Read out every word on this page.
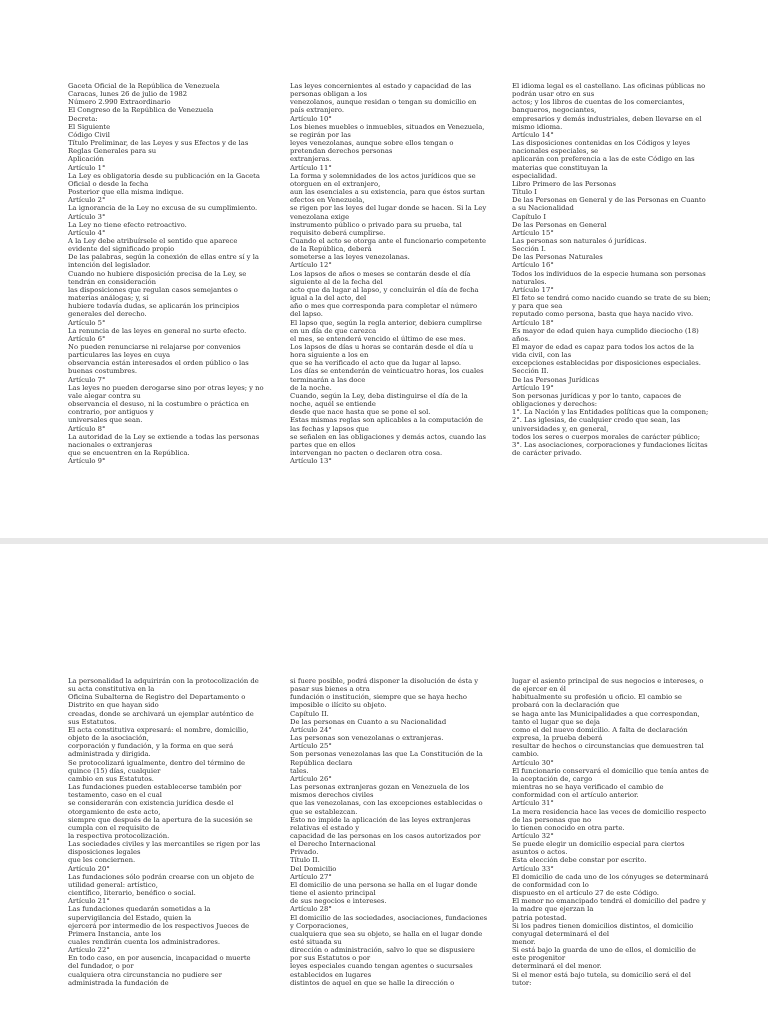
Gaceta Oficial de la República de Venezuela
Caracas, lunes 26 de julio de 1982
Número 2.990 Extraordinario
El Congreso de la República de Venezuela
Decreta:
El Siguiente
Código Civil
Título Preliminar, de las Leyes y sus Efectos y de las
Reglas Generales para su
Aplicación
Artículo 1°
La Ley es obligatoria desde su publicación en la Gaceta
Oficial o desde la fecha
Posterior que ella misma indique.
Artículo 2°
La ignorancia de la Ley no excusa de su cumplimiento.
Artículo 3°
La Ley no tiene efecto retroactivo.
Artículo 4°
A la Ley debe atribuírsele el sentido que aparece
evidente del significado propio
De las palabras, según la conexión de ellas entre sí y la
intención del legislador.
Cuando no hubiere disposición precisa de la Ley, se
tendrán en consideración
las disposiciones que regulan casos semejantes o
materias análogas; y, si
hubiere todavía dudas, se aplicarán los principios
generales del derecho.
Artículo 5°
La renuncia de las leyes en general no surte efecto.
Artículo 6°
No pueden renunciarse ni relajarse por convenios
particulares las leyes en cuya
observancia están interesados el orden público o las
buenas costumbres.
Artículo 7°
Las leyes no pueden derogarse sino por otras leyes; y no
vale alegar contra su
observancia el desuso, ni la costumbre o práctica en
contrario, por antiguos y
universales que sean.
Artículo 8°
La autoridad de la Ley se extiende a todas las personas
nacionales o extranjeras
que se encuentren en la República.
Artículo 9°
Las leyes concernientes al estado y capacidad de las
personas obligan a los
venezolanos, aunque residan o tengan su domicilio en
país extranjero.
Artículo 10°
Los bienes muebles o inmuebles, situados en Venezuela,
se regirán por las
leyes venezolanas, aunque sobre ellos tengan o
pretendan derechos personas
extranjeras.
Artículo 11°
La forma y solemnidades de los actos jurídicos que se
otorguen en el extranjero,
aun las esenciales a su existencia, para que éstos surtan
efectos en Venezuela,
se rigen por las leyes del lugar donde se hacen. Si la Ley
venezolana exige
instrumento público o privado para su prueba, tal
requisito deberá cumplirse.
Cuando el acto se otorga ante el funcionario competente
de la República, deberá
someterse a las leyes venezolanas.
Artículo 12°
Los lapsos de años o meses se contarán desde el día
siguiente al de la fecha del
acto que da lugar al lapso, y concluirán el día de fecha
igual a la del acto, del
año o mes que corresponda para completar el número
del lapso.
El lapso que, según la regla anterior, debiera cumplirse
en un día de que carezca
el mes, se entenderá vencido el último de ese mes.
Los lapsos de días u horas se contarán desde el día u
hora siguiente a los en
que se ha verificado el acto que da lugar al lapso.
Los días se entenderán de veinticuatro horas, los cuales
terminarán a las doce
de la noche.
Cuando, según la Ley, deba distinguirse el día de la
noche, aquél se entiende
desde que nace hasta que se pone el sol.
Estas mismas reglas son aplicables a la computación de
las fechas y lapsos que
se señalen en las obligaciones y demás actos, cuando las
partes que en ellos
intervengan no pacten o declaren otra cosa.
Artículo 13°
El idioma legal es el castellano. Las oficinas públicas no
podrán usar otro en sus
actos; y los libros de cuentas de los comerciantes,
banqueros, negociantes,
empresarios y demás industriales, deben llevarse en el
mismo idioma.
Artículo 14°
Las disposiciones contenidas en los Códigos y leyes
nacionales especiales, se
aplicarán con preferencia a las de este Código en las
materias que constituyan la
especialidad.
Libro Primero de las Personas
Título I
De las Personas en General y de las Personas en Cuanto
a su Nacionalidad
Capítulo I
De las Personas en General
Artículo 15°
Las personas son naturales ó jurídicas.
Sección I.
De las Personas Naturales
Artículo 16°
Todos los individuos de la especie humana son personas
naturales.
Artículo 17°
El feto se tendrá como nacido cuando se trate de su bien;
y para que sea
reputado como persona, basta que haya nacido vivo.
Artículo 18°
Es mayor de edad quien haya cumplido dieciocho (18)
años.
El mayor de edad es capaz para todos los actos de la
vida civil, con las
excepciones establecidas por disposiciones especiales.
Sección II.
De las Personas Jurídicas
Artículo 19°
Son personas jurídicas y por lo tanto, capaces de
obligaciones y derechos:
1°. La Nación y las Entidades políticas que la componen;
2°. Las iglesias, de cualquier credo que sean, las
universidades y, en general,
todos los seres o cuerpos morales de carácter público;
3°. Las asociaciones, corporaciones y fundaciones lícitas
de carácter privado.
La personalidad la adquirirán con la protocolización de
su acta constitutiva en la
Oficina Subalterna de Registro del Departamento o
Distrito en que hayan sido
creadas, donde se archivará un ejemplar auténtico de
sus Estatutos.
El acta constitutiva expresará: el nombre, domicilio,
objeto de la asociación,
corporación y fundación, y la forma en que será
administrada y dirigida.
Se protocolizará igualmente, dentro del término de
quince (15) días, cualquier
cambio en sus Estatutos.
Las fundaciones pueden establecerse también por
testamento, caso en el cual
se considerarán con existencia jurídica desde el
otorgamiento de este acto,
siempre que después de la apertura de la sucesión se
cumpla con el requisito de
la respectiva protocolización.
Las sociedades civiles y las mercantiles se rigen por las
disposiciones legales
que les conciernen.
Artículo 20°
Las fundaciones sólo podrán crearse con un objeto de
utilidad general: artístico,
científico, literario, benéfico o social.
Artículo 21°
Las fundaciones quedarán sometidas a la
supervigilancia del Estado, quien la
ejercerá por intermedio de los respectivos Jueces de
Primera Instancia, ante los
cuales rendirán cuenta los administradores.
Artículo 22°
En todo caso, en por ausencia, incapacidad o muerte
del fundador, o por
cualquiera otra circunstancia no pudiere ser
administrada la fundación de
si fuere posible, podrá disponer la disolución de ésta y
pasar sus bienes a otra
fundación o institución, siempre que se haya hecho
imposible o ilícito su objeto.
Capítulo II.
De las personas en Cuanto a su Nacionalidad
Artículo 24°
Las personas son venezolanas o extranjeras.
Artículo 25°
Son personas venezolanas las que La Constitución de la
República declara
tales.
Artículo 26°
Las personas extranjeras gozan en Venezuela de los
mismos derechos civiles
que las venezolanas, con las excepciones establecidas o
que se establezcan.
Esto no impide la aplicación de las leyes extranjeras
relativas el estado y
capacidad de las personas en los casos autorizados por
el Derecho Internacional
Privado.
Título II.
Del Domicilio
Artículo 27°
El domicilio de una persona se halla en el lugar donde
tiene el asiento principal
de sus negocios e intereses.
Artículo 28°
El domicilio de las sociedades, asociaciones, fundaciones
y Corporaciones,
cualquiera que sea su objeto, se halla en el lugar donde
esté situada su
dirección o administración, salvo lo que se dispusiere
por sus Estatutos o por
leyes especiales cuando tengan agentes o sucursales
establecidos en lugares
distintos de aquel en que se halle la dirección o
lugar el asiento principal de sus negocios e intereses, o
de ejercer en él
habitualmente su profesión u oficio. El cambio se
probará con la declaración que
se haga ante las Municipalidades a que correspondan,
tanto el lugar que se deja
como el del nuevo domicilio. A falta de declaración
expresa, la prueba deberá
resultar de hechos o circunstancias que demuestren tal
cambio.
Artículo 30°
El funcionario conservará el domicilio que tenía antes de
la aceptación de, cargo
mientras no se haya verificado el cambio de
conformidad con el artículo anterior.
Artículo 31°
La mera residencia hace las veces de domicilio respecto
de las personas que no
lo tienen conocido en otra parte.
Artículo 32°
Se puede elegir un domicilio especial para ciertos
asuntos o actos.
Esta elección debe constar por escrito.
Artículo 33°
El domicilio de cada uno de los cónyuges se determinará
de conformidad con lo
dispuesto en el artículo 27 de este Código.
El menor no emancipado tendrá el domicilio del padre y
la madre que ejerzan la
patria potestad.
Si los padres tienen domicilios distintos, el domicilio
conyugal determinará el del
menor.
Si está bajo la guarda de uno de ellos, el domicilio de
este progenitor
determinará el del menor.
Si el menor está bajo tutela, su domicilio será el del
tutor:
